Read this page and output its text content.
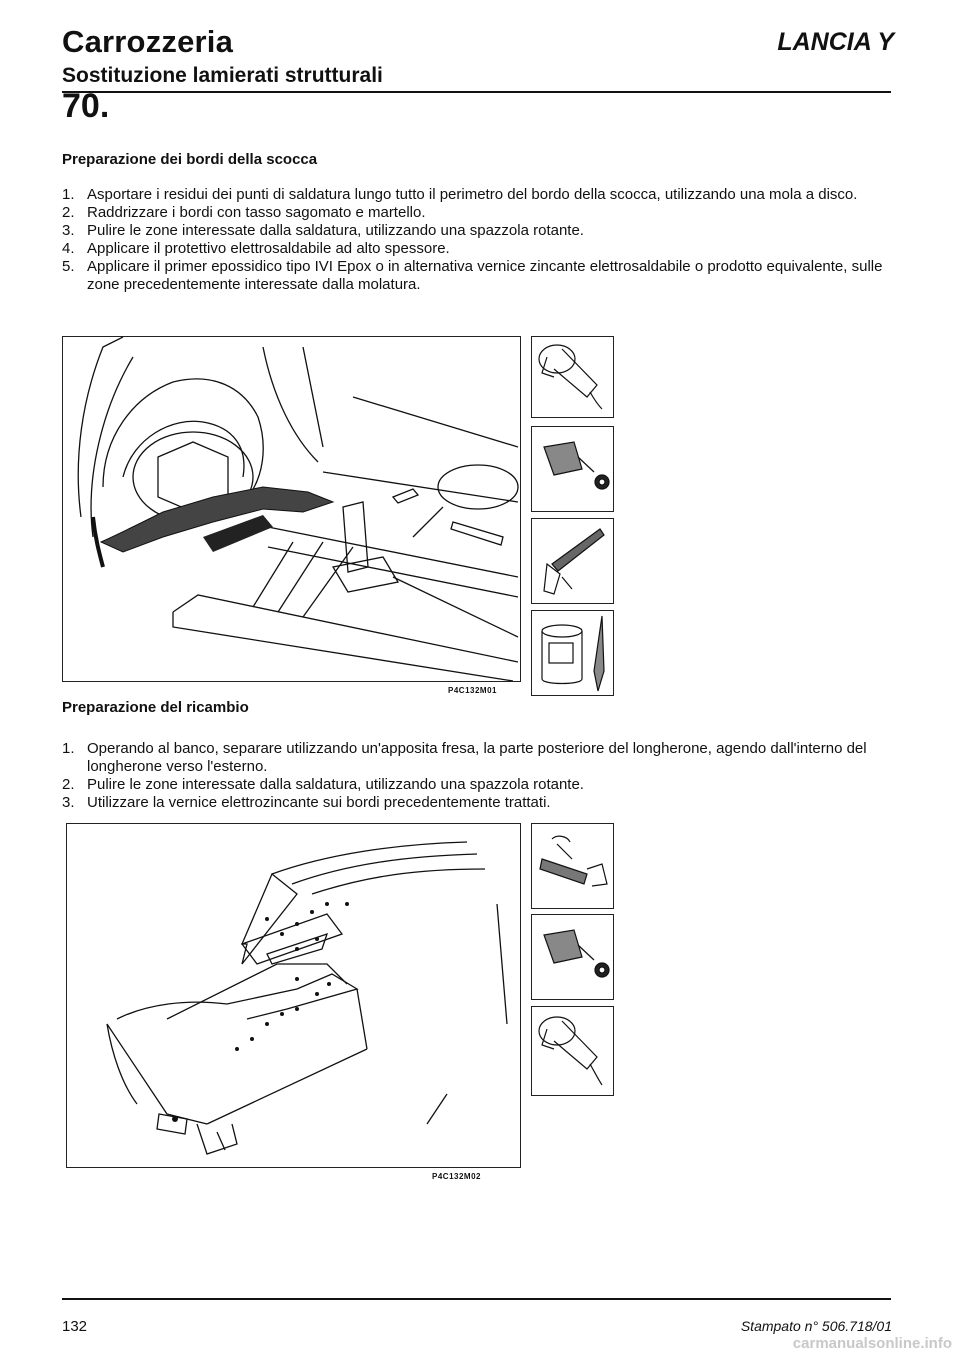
Carrozzeria	LANCIA Y
Sostituzione lamierati strutturali
70.
Preparazione dei bordi della scocca
1. Asportare i residui dei punti di saldatura lungo tutto il perimetro del bordo della scocca, utilizzando una mola a disco.
2. Raddrizzare i bordi con tasso sagomato e martello.
3. Pulire le zone interessate dalla saldatura, utilizzando una spazzola rotante.
4. Applicare il protettivo elettrosaldabile ad alto spessore.
5. Applicare il primer epossidico tipo IVI Epox o in alternativa vernice zincante elettrosaldabile o prodotto equivalente, sulle zone precedentemente interessate dalla molatura.
P4C132M01
Preparazione del ricambio
1. Operando al banco, separare utilizzando un'apposita fresa, la parte posteriore del longherone, agendo dall'interno del longherone verso l'esterno.
2. Pulire le zone interessate dalla saldatura, utilizzando una spazzola rotante.
3. Utilizzare la vernice elettrozincante sui bordi precedentemente trattati.
P4C132M02
132	Stampato n° 506.718/01
carmanualsonline.info
